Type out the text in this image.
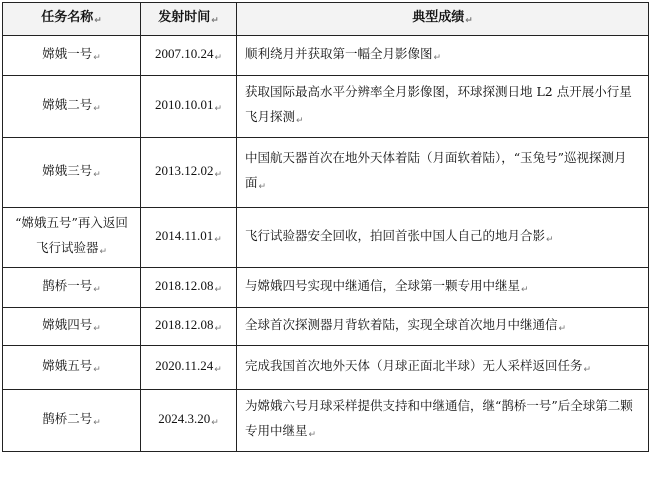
任务名称↵	发射时间↵	典型成绩↵
嫦娥一号↵	2007.10.24↵	顺利绕月并获取第一幅全月影像图↵
嫦娥二号↵	2010.10.01↵	获取国际最高水平分辨率全月影像图，环球探测日地 L2 点开展小行星飞月探测↵
嫦娥三号↵	2013.12.02↵	中国航天器首次在地外天体着陆（月面软着陆），“玉兔号”巡视探测月面↵
“嫦娥五号”再入返回飞行试验器↵	2014.11.01↵	飞行试验器安全回收，拍回首张中国人自己的地月合影↵
鹊桥一号↵	2018.12.08↵	与嫦娥四号实现中继通信，全球第一颗专用中继星↵
嫦娥四号↵	2018.12.08↵	全球首次探测器月背软着陆，实现全球首次地月中继通信↵
嫦娥五号↵	2020.11.24↵	完成我国首次地外天体（月球正面北半球）无人采样返回任务↵
鹊桥二号↵	2024.3.20↵	为嫦娥六号月球采样提供支持和中继通信，继“鹊桥一号”后全球第二颗专用中继星↵
